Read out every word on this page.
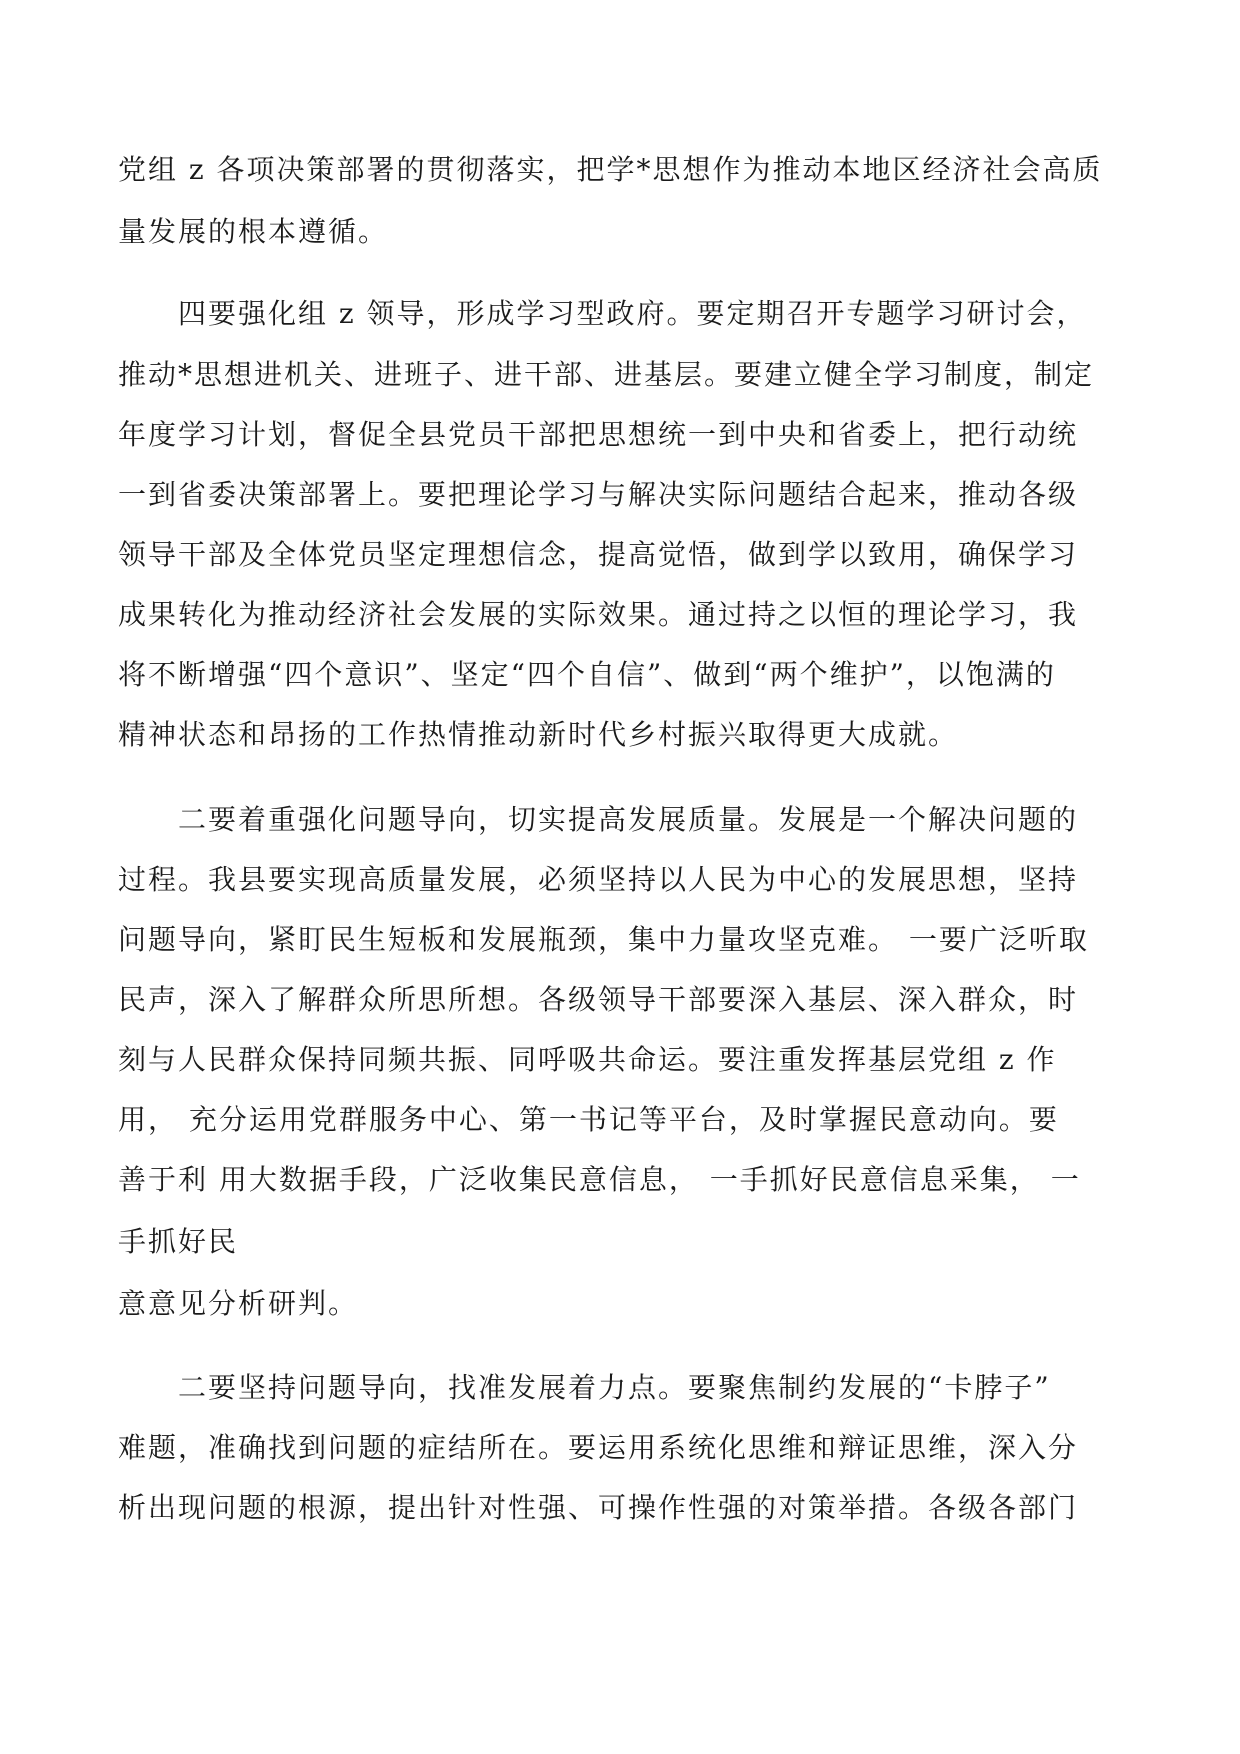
党组 z 各项决策部署的贯彻落实，把学*思想作为推动本地区经济社会高质
量发展的根本遵循。
四要强化组 z 领导，形成学习型政府。要定期召开专题学习研讨会，
推动*思想进机关、进班子、进干部、进基层。要建立健全学习制度，制定
年度学习计划，督促全县党员干部把思想统一到中央和省委上，把行动统
一到省委决策部署上。要把理论学习与解决实际问题结合起来，推动各级
领导干部及全体党员坚定理想信念，提高觉悟，做到学以致用，确保学习
成果转化为推动经济社会发展的实际效果。通过持之以恒的理论学习，我
将不断增强“四个意识”、坚定“四个自信”、做到“两个维护”，以饱满的
精神状态和昂扬的工作热情推动新时代乡村振兴取得更大成就。
二要着重强化问题导向，切实提高发展质量。发展是一个解决问题的
过程。我县要实现高质量发展，必须坚持以人民为中心的发展思想，坚持
问题导向，紧盯民生短板和发展瓶颈，集中力量攻坚克难。 一要广泛听取
民声，深入了解群众所思所想。各级领导干部要深入基层、深入群众，时
刻与人民群众保持同频共振、同呼吸共命运。要注重发挥基层党组 z 作
用， 充分运用党群服务中心、第一书记等平台，及时掌握民意动向。要
善于利 用大数据手段，广泛收集民意信息， 一手抓好民意信息采集， 一
手抓好民
意意见分析研判。
二要坚持问题导向，找准发展着力点。要聚焦制约发展的“卡脖子”
难题，准确找到问题的症结所在。要运用系统化思维和辩证思维，深入分
析出现问题的根源，提出针对性强、可操作性强的对策举措。各级各部门
